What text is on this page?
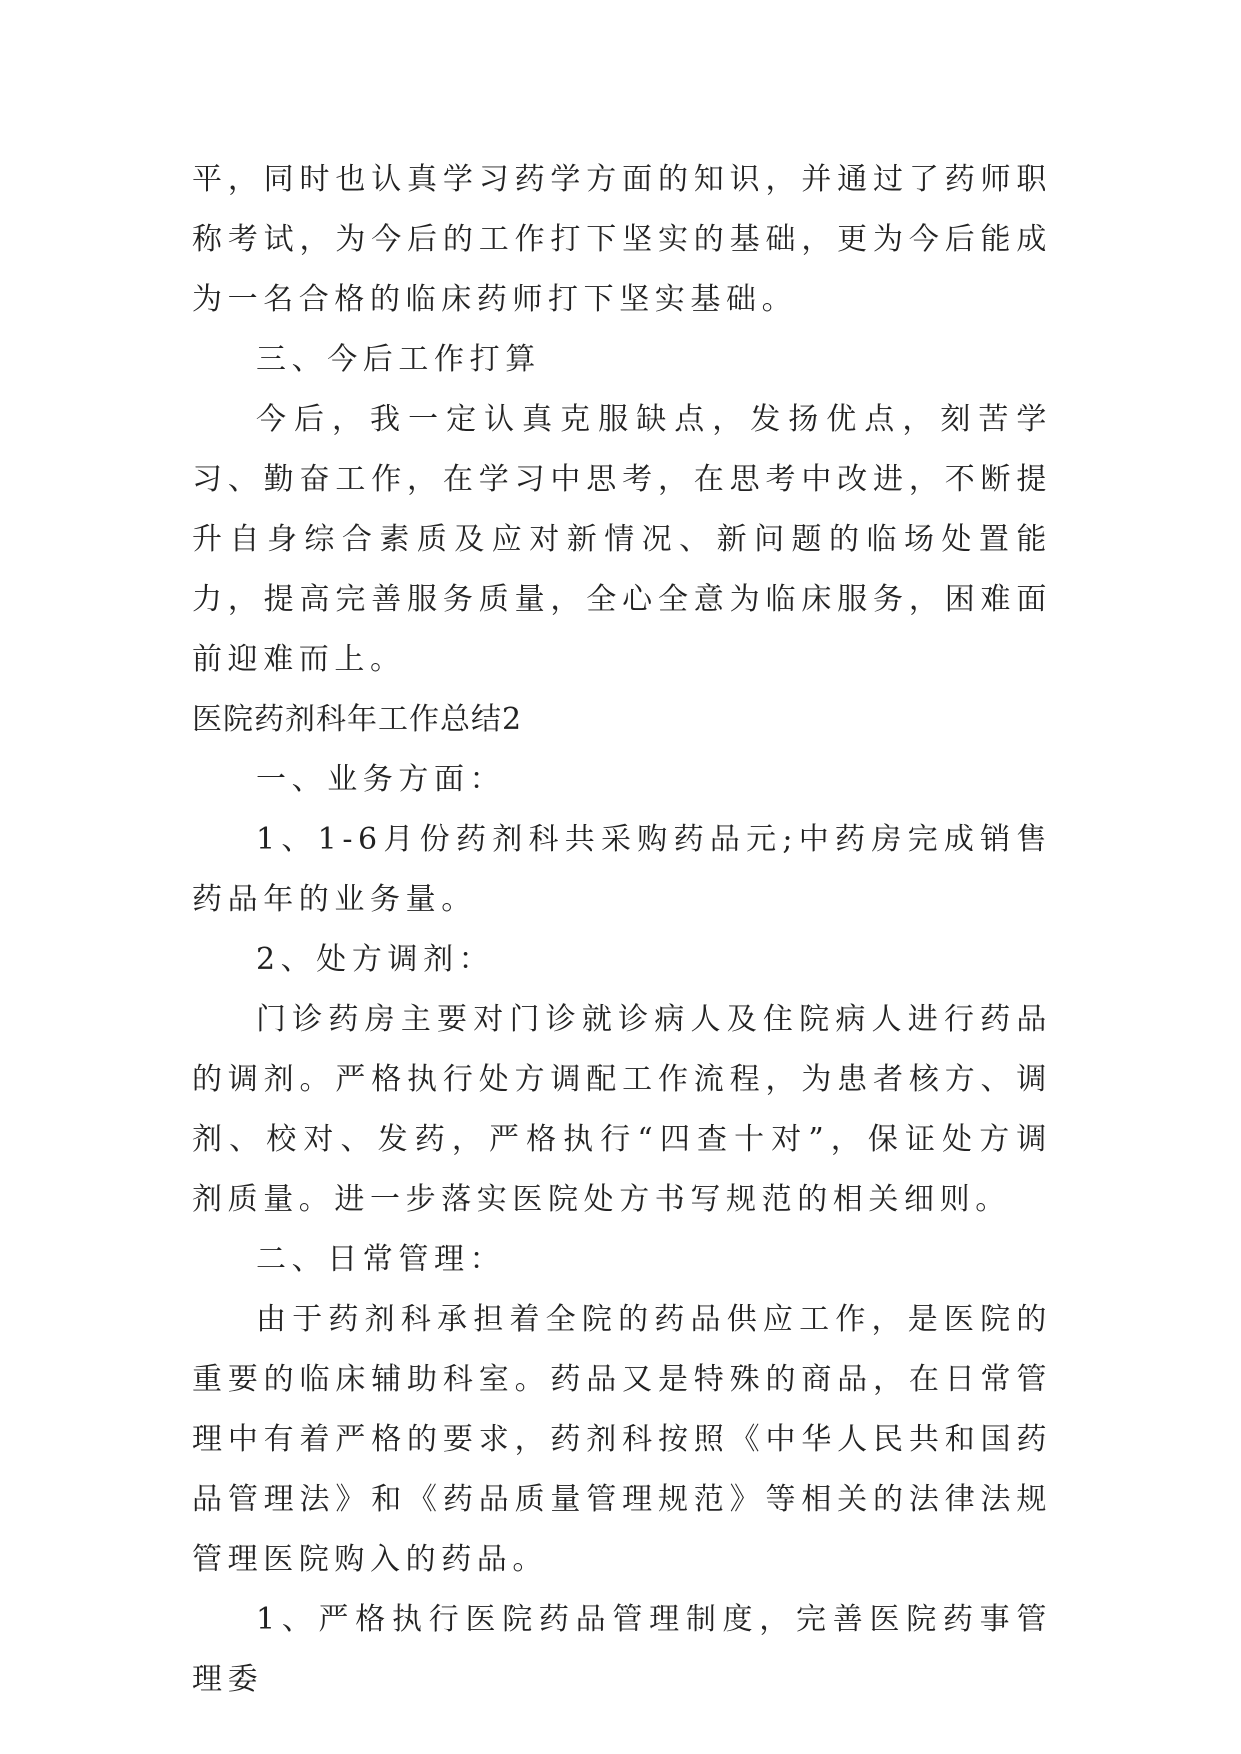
平，同时也认真学习药学方面的知识，并通过了药师职称考试，为今后的工作打下坚实的基础，更为今后能成为一名合格的临床药师打下坚实基础。

三、今后工作打算

今后，我一定认真克服缺点，发扬优点，刻苦学习、勤奋工作，在学习中思考，在思考中改进，不断提升自身综合素质及应对新情况、新问题的临场处置能力，提高完善服务质量，全心全意为临床服务，困难面前迎难而上。

医院药剂科年工作总结2

一、业务方面：

1、1-6月份药剂科共采购药品元;中药房完成销售药品年的业务量。

2、处方调剂：

门诊药房主要对门诊就诊病人及住院病人进行药品的调剂。严格执行处方调配工作流程，为患者核方、调剂、校对、发药，严格执行“四查十对”，保证处方调剂质量。进一步落实医院处方书写规范的相关细则。

二、日常管理：

由于药剂科承担着全院的药品供应工作，是医院的重要的临床辅助科室。药品又是特殊的商品，在日常管理中有着严格的要求，药剂科按照《中华人民共和国药品管理法》和《药品质量管理规范》等相关的法律法规管理医院购入的药品。

1、严格执行医院药品管理制度，完善医院药事管理委
